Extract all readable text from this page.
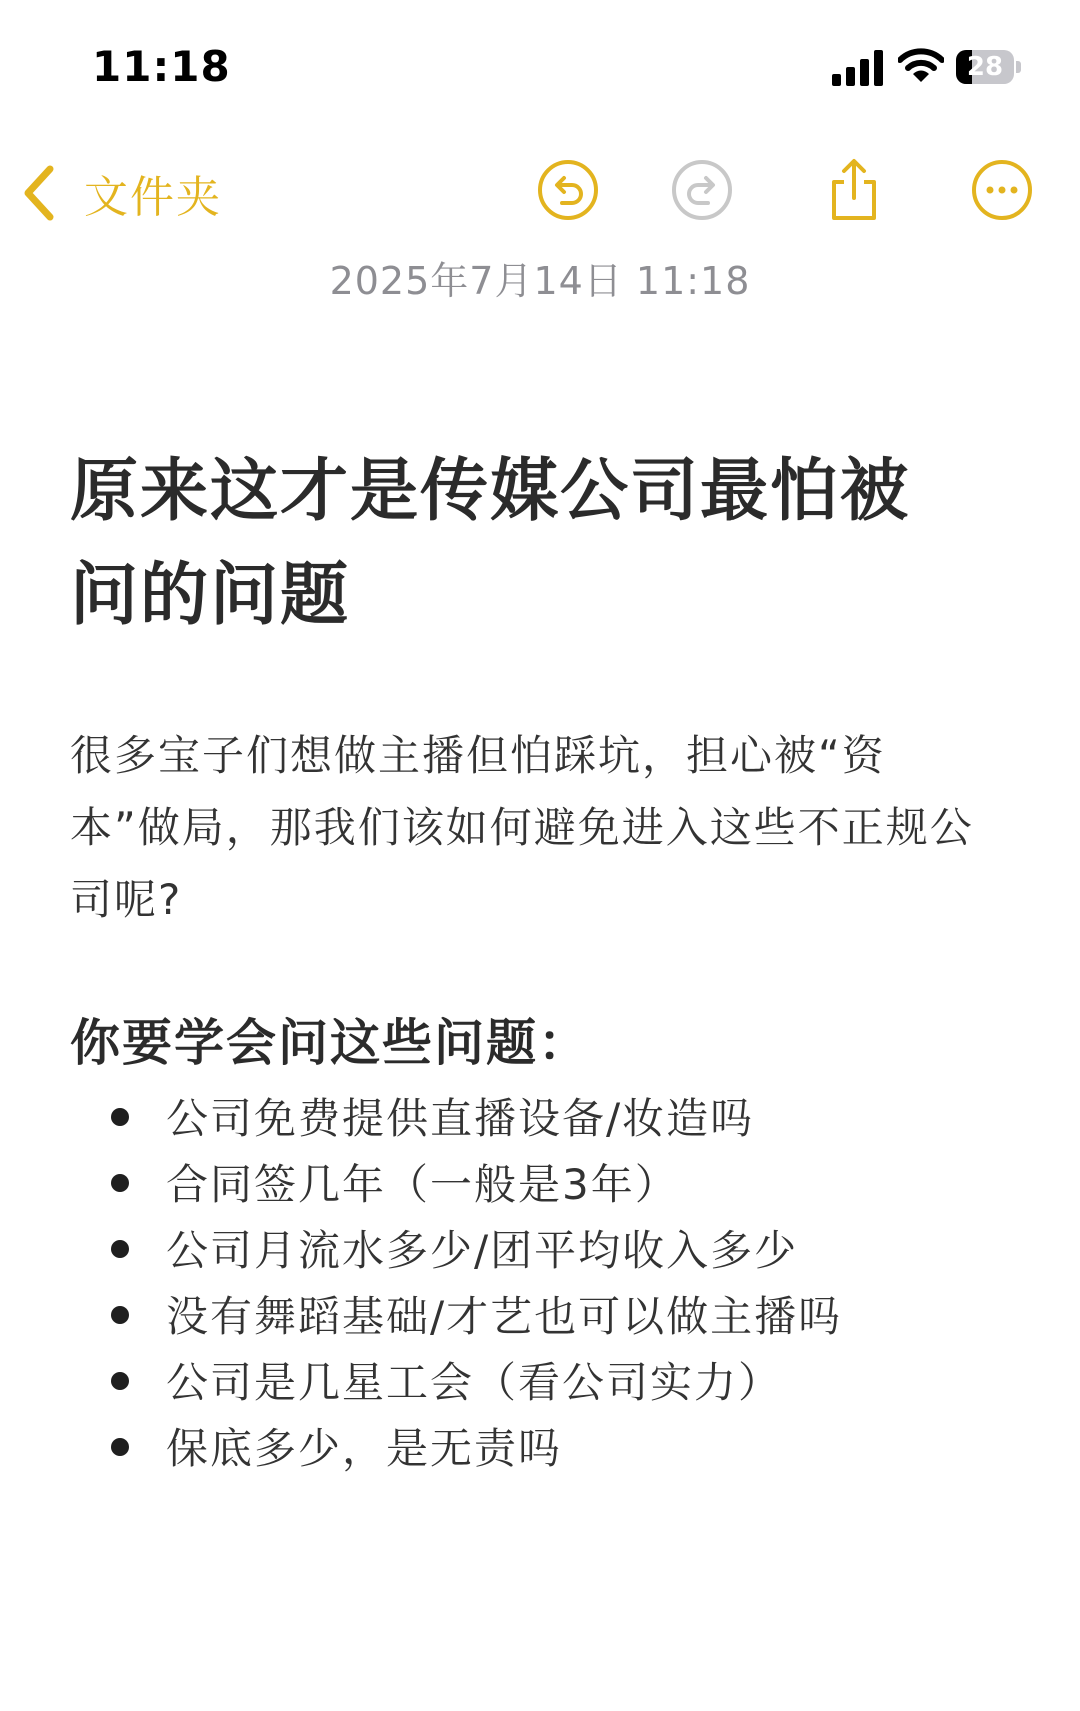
11:18	28
文件夹
2025年7月14日 11:18
原来这才是传媒公司最怕被问的问题
很多宝子们想做主播但怕踩坑，担心被“资本”做局，那我们该如何避免进入这些不正规公司呢?
你要学会问这些问题：
公司免费提供直播设备/妆造吗
合同签几年（一般是3年）
公司月流水多少/团平均收入多少
没有舞蹈基础/才艺也可以做主播吗
公司是几星工会（看公司实力）
保底多少，是无责吗
